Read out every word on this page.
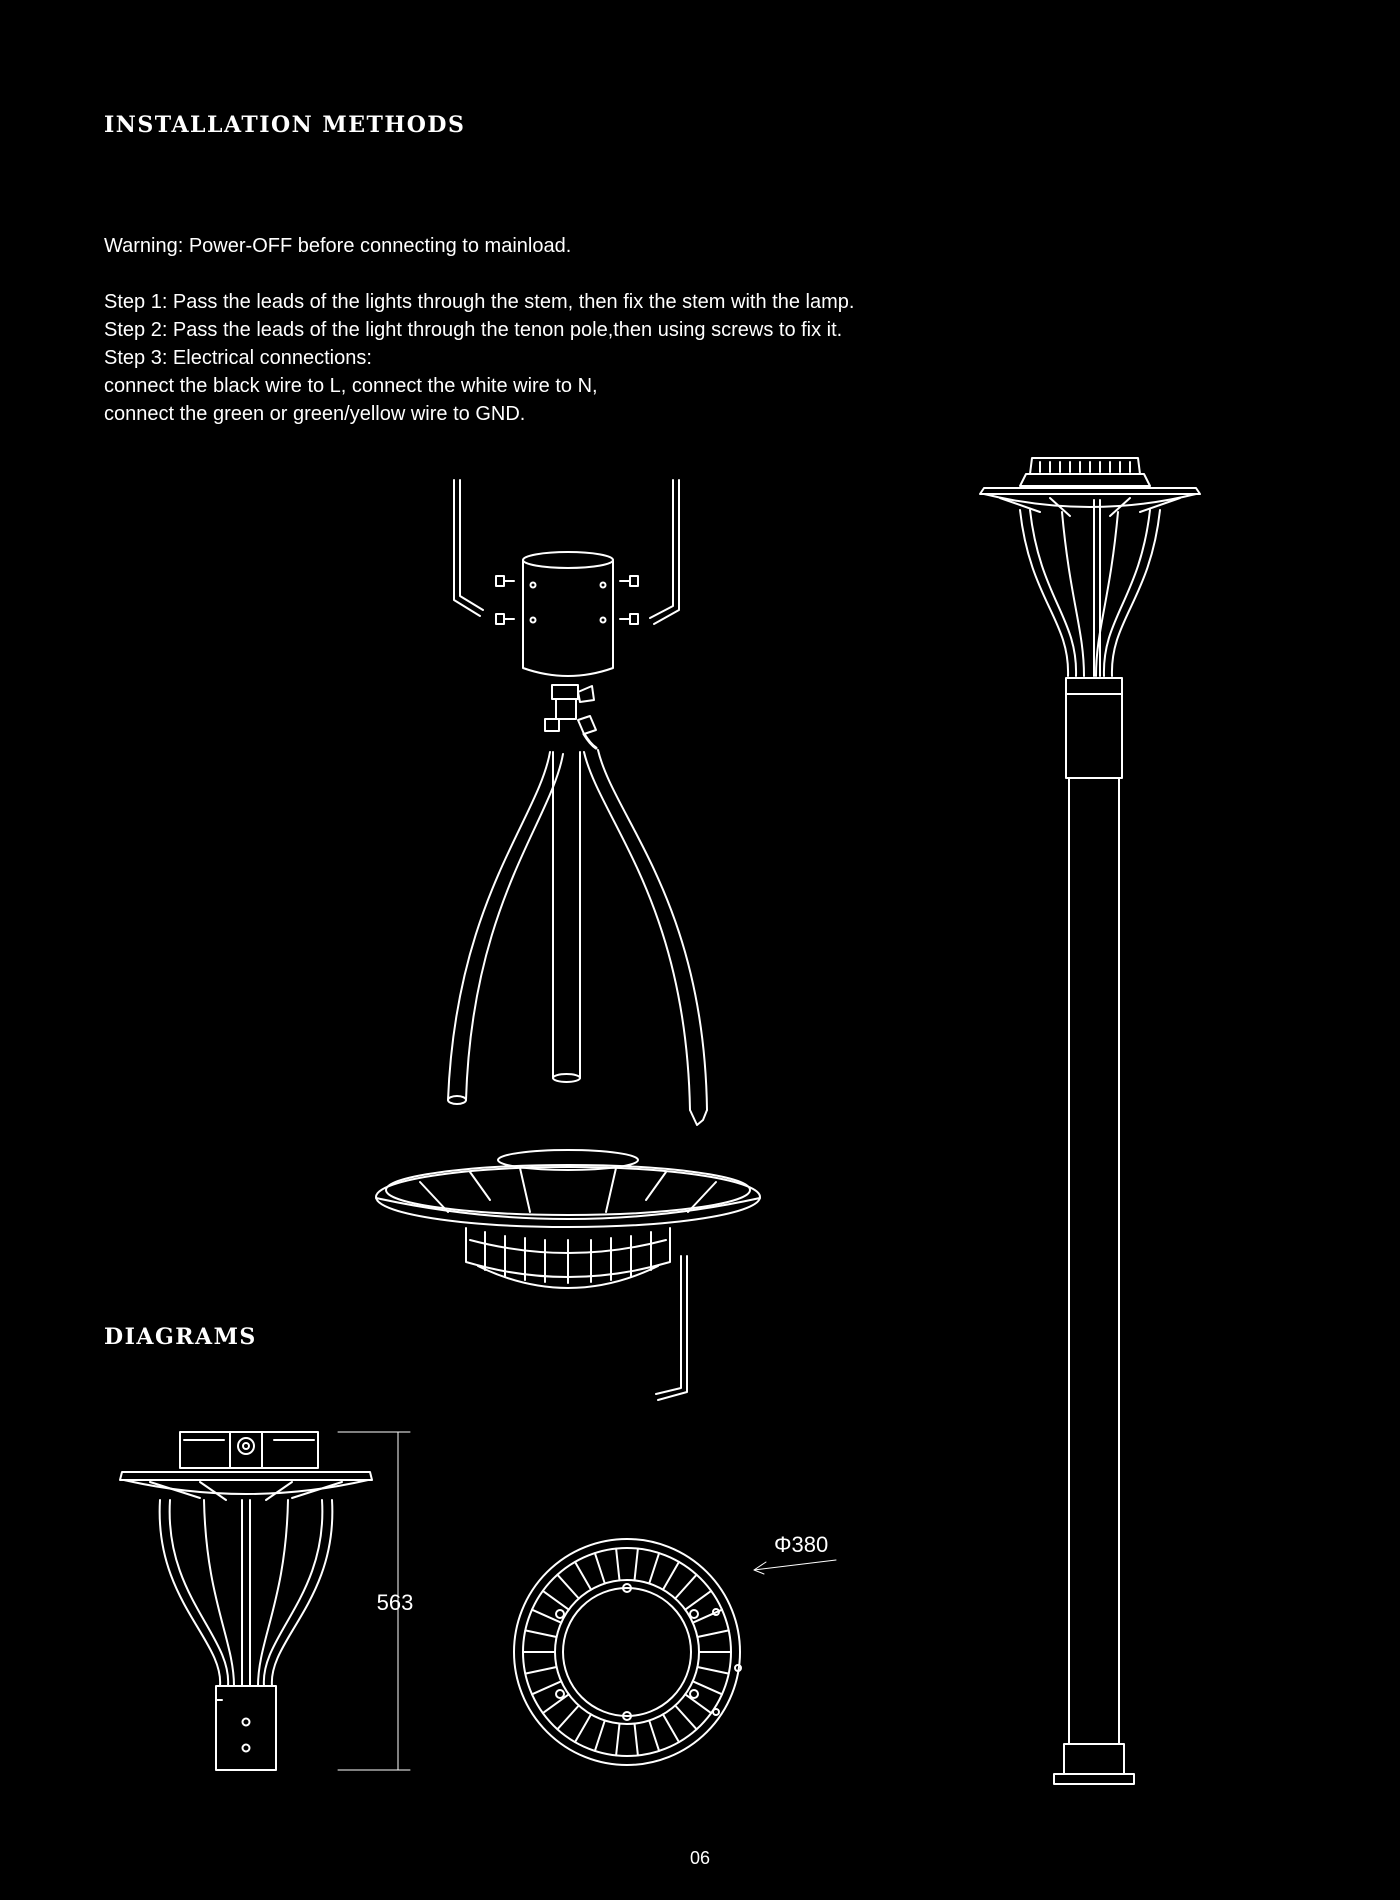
INSTALLATION METHODS

Warning: Power-OFF before connecting to mainload.

Step 1: Pass the leads of the lights through the stem, then fix the stem with the lamp.

Step 2: Pass the leads of the light through the tenon pole,then using screws to fix it.

Step 3: Electrical connections:

connect the black wire to L, connect the white wire to N,

connect the green or green/yellow wire to GND.

DIAGRAMS
563
Φ380
06
